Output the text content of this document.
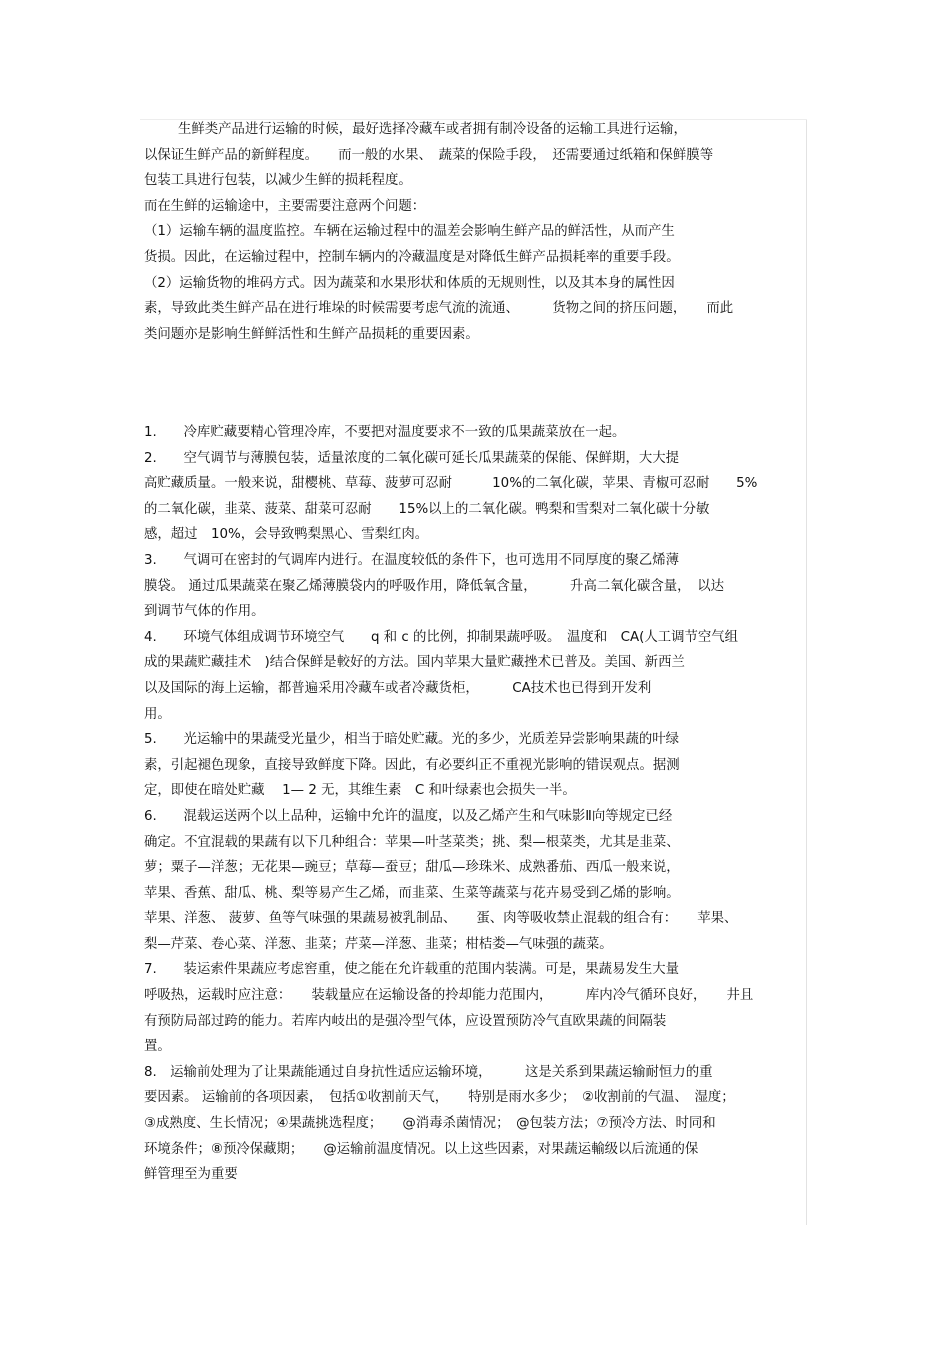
生鲜类产品进行运输的时候，最好选择冷藏车或者拥有制冷设备的运输工具进行运输，
以保证生鲜产品的新鲜程度。　　而一般的水果、　蔬菜的保险手段，　还需要通过纸箱和保鲜膜等
包装工具进行包装，以减少生鲜的损耗程度。
而在生鲜的运输途中，主要需要注意两个问题：
（1）运输车辆的温度监控。车辆在运输过程中的温差会影响生鲜产品的鲜活性，从而产生
货损。因此，在运输过程中，控制车辆内的冷藏温度是对降低生鲜产品损耗率的重要手段。
（2）运输货物的堆码方式。因为蔬菜和水果形状和体质的无规则性，以及其本身的属性因
素，导致此类生鲜产品在进行堆垛的时候需要考虑气流的流通、　　　货物之间的挤压问题，　　而此
类问题亦是影响生鲜鲜活性和生鲜产品损耗的重要因素。
1.　　冷库贮藏要精心管理冷库，不要把对温度要求不一致的瓜果蔬菜放在一起。
2.　　空气调节与薄膜包装，适量浓度的二氧化碳可延长瓜果蔬菜的保能、保鲜期，大大提
高贮藏质量。一般来说，甜樱桃、草莓、菠萝可忍耐　　　10%的二氧化碳，苹果、青椒可忍耐　　5%
的二氧化碳，韭菜、菠菜、甜菜可忍耐　　15%以上的二氧化碳。鸭梨和雪梨对二氧化碳十分敏
感，超过　10%，会导致鸭梨黑心、雪梨红肉。
3.　　气调可在密封的气调库内进行。在温度较低的条件下，也可选用不同厚度的聚乙烯薄
膜袋。 通过瓜果蔬菜在聚乙烯薄膜袋内的呼吸作用，降低氧含量，　　　升高二氧化碳含量，　以达
到调节气体的作用。
4.　　环境气体组成调节环境空气　　q 和 c 的比例，抑制果蔬呼吸。　温度和　CA(人工调节空气组
成的果蔬贮藏挂术　)结合保鲜是較好的方法。国内苹果大量贮藏挫术已普及。美国、新西兰
以及国际的海上运输，都普遍采用冷藏车或者冷藏货柜，　　　CA技术也已得到开发利
用。
5.　　光运输中的果蔬受光量少，相当于暗处贮藏。光的多少，光质差异尝影响果蔬的叶绿
素，引起褪色现象，直接导致鲜度下降。因此，有必要纠正不重视光影响的错误观点。据测
定，即使在暗处贮藏　 1— 2 无，其维生素　C 和叶绿素也会损失一半。
6.　　混载运送两个以上品种，运输中允许的温度，以及乙烯产生和气味影Ⅱ向等规定已经
确定。不宜混载的果蔬有以下几种组合：苹果—叶茎菜类；挑、梨—根菜类，尤其是韭菜、
萝；粟子—洋葱；无花果—豌豆；草莓—蚕豆；甜瓜—珍珠米、成熟番茄、西瓜一般来说，
苹果、香蕉、甜瓜、桃、梨等易产生乙烯，而韭菜、生菜等蔬菜与花卉易受到乙烯的影响。
苹果、洋葱、 菠萝、鱼等气味强的果蔬易被乳制品、　　蛋、肉等吸收禁止混载的组合有：　　苹果、
梨—芹菜、卷心菜、洋葱、韭菜；芹菜—洋葱、韭菜；柑桔娄—气味强的蔬菜。
7.　　装运索件果蔬应考虑窖重，使之能在允许载重的范围内装满。可是，果蔬易发生大量
呼吸热，运载时应注意：　　装载量应在运输设备的拎却能力范围内，　　　库内冷气循环良好，　　井且
有预防局部过跨的能力。若库内岐出的是强冷型气体，应设置预防冷气直欧果蔬的间隔装
置。
8.　运输前处理为了让果蔬能通过自身抗性适应运输环境，　　　这是关系到果蔬运输耐恒力的重
要因素。 运输前的各项因素，　包括①收割前天气，　　特别是雨水多少；　②收割前的气温、　湿度；
③成熟度、生长情况；④果蔬挑选程度；　　@消毒杀菌情况；　@包装方法；⑦预冷方法、时同和
环境条件；⑧预冷保藏期；　　@运输前温度情况。以上这些因素，对果蔬运輸级以后流通的保
鲜管理至为重要
